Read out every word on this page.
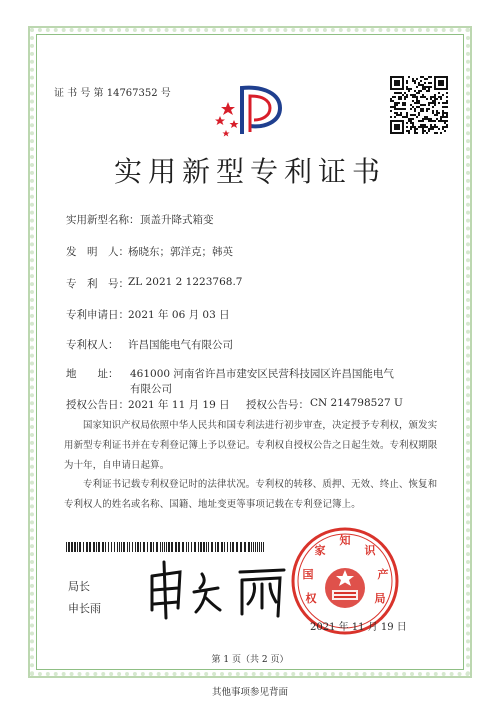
证 书 号 第 14767352 号
实用新型专利证书
实用新型名称： 顶盖升降式箱变
发　明　人： 杨晓东；郭洋克；韩英
专　利　号： ZL 2021 2 1223768.7
专利申请日： 2021 年 06 月 03 日
专利权人： 许昌国能电气有限公司
地　　址： 461000 河南省许昌市建安区民营科技园区许昌国能电气
有限公司
授权公告日： 2021 年 11 月 19 日 授权公告号： CN 214798527 U
国家知识产权局依照中华人民共和国专利法进行初步审查，决定授予专利权，颁发实用新型专利证书并在专利登记簿上予以登记。专利权自授权公告之日起生效。专利权期限为十年，自申请日起算。
专利证书记载专利权登记时的法律状况。专利权的转移、质押、无效、终止、恢复和专利权人的姓名或名称、国籍、地址变更等事项记载在专利登记簿上。
局长
申长雨
国
家
知
识
产
权	局
2021 年 11 月 19 日
第 1 页（共 2 页）
其他事项参见背面
